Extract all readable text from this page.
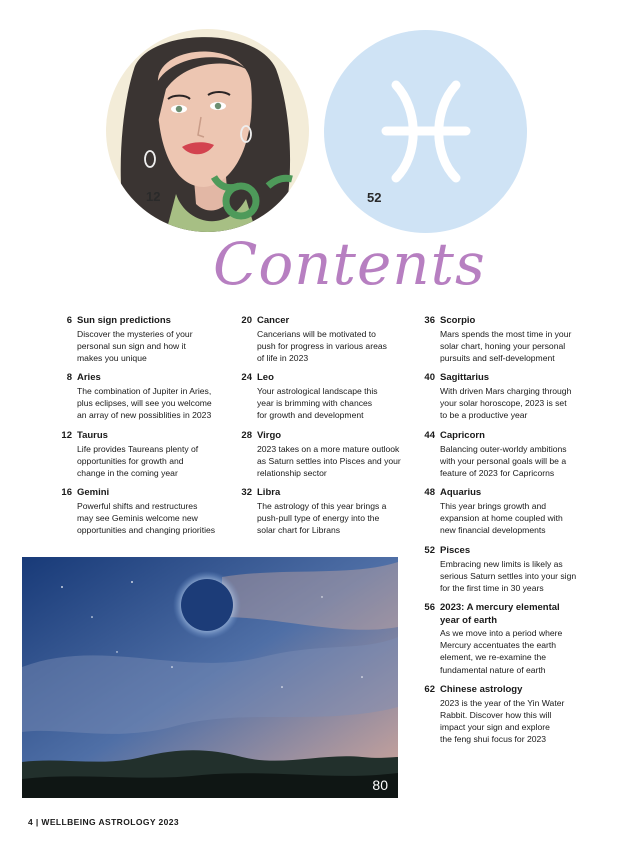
12	52
Contents
6 Sun sign predictions
Discover the mysteries of your
personal sun sign and how it
makes you unique
8 Aries
The combination of Jupiter in Aries,
plus eclipses, will see you welcome
an array of new possiblities in 2023
12 Taurus
Life provides Taureans plenty of
opportunities for growth and
change in the coming year
16 Gemini
Powerful shifts and restructures
may see Geminis welcome new
opportunities and changing priorities
20 Cancer
Cancerians will be motivated to
push for progress in various areas
of life in 2023
24 Leo
Your astrological landscape this
year is brimming with chances
for growth and development
28 Virgo
2023 takes on a more mature outlook
as Saturn settles into Pisces and your
relationship sector
32 Libra
The astrology of this year brings a
push-pull type of energy into the
solar chart for Librans
36 Scorpio
Mars spends the most time in your
solar chart, honing your personal
pursuits and self-development
40 Sagittarius
With driven Mars charging through
your solar horoscope, 2023 is set
to be a productive year
44 Capricorn
Balancing outer-worldy ambitions
with your personal goals will be a
feature of 2023 for Capricorns
48 Aquarius
This year brings growth and
expansion at home coupled with
new financial developments
52 Pisces
Embracing new limits is likely as
serious Saturn settles into your sign
for the first time in 30 years
56 2023: A mercury elemental year of earth
As we move into a period where
Mercury accentuates the earth
element, we re-examine the
fundamental nature of earth
62 Chinese astrology
2023 is the year of the Yin Water
Rabbit. Discover how this will
impact your sign and explore
the feng shui focus for 2023
80
4 | WELLBEING ASTROLOGY 2023
